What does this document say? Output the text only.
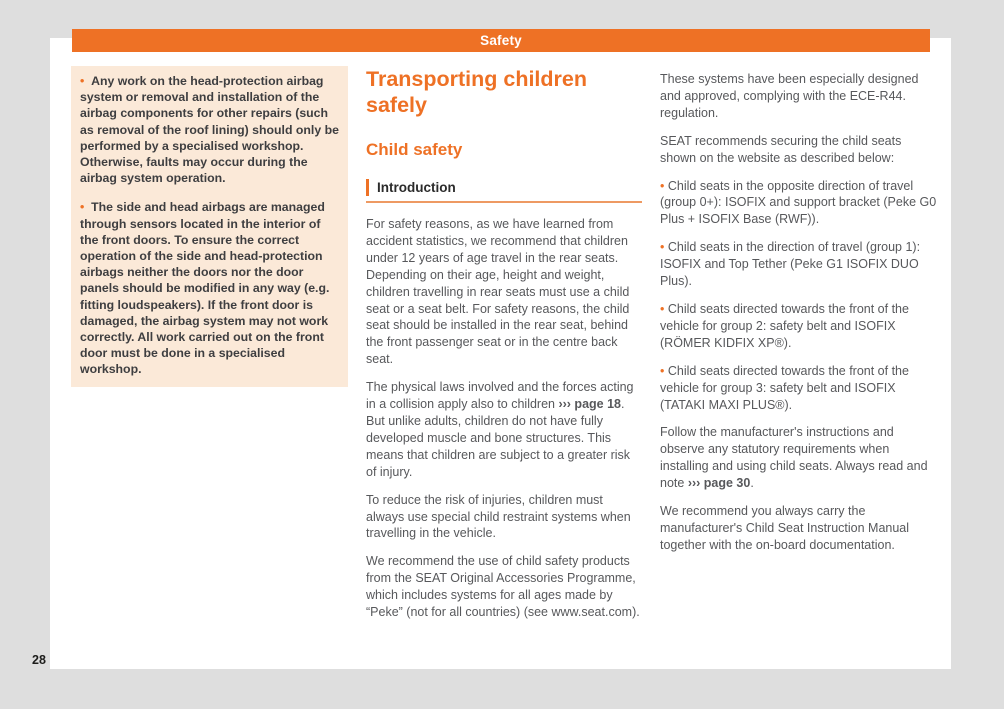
Safety
•  Any work on the head-protection airbag system or removal and installation of the airbag components for other repairs (such as removal of the roof lining) should only be performed by a specialised workshop. Otherwise, faults may occur during the airbag system operation.
•  The side and head airbags are managed through sensors located in the interior of the front doors. To ensure the correct operation of the side and head-protection airbags neither the doors nor the door panels should be modified in any way (e.g. fitting loudspeakers). If the front door is damaged, the airbag system may not work correctly. All work carried out on the front door must be done in a specialised workshop.
Transporting children safely
Child safety
Introduction

For safety reasons, as we have learned from accident statistics, we recommend that children under 12 years of age travel in the rear seats. Depending on their age, height and weight, children travelling in rear seats must use a child seat or a seat belt. For safety reasons, the child seat should be installed in the rear seat, behind the front passenger seat or in the centre back seat.

The physical laws involved and the forces acting in a collision apply also to children ››› page 18. But unlike adults, children do not have fully developed muscle and bone structures. This means that children are subject to a greater risk of injury.

To reduce the risk of injuries, children must always use special child restraint systems when travelling in the vehicle.

We recommend the use of child safety products from the SEAT Original Accessories Programme, which includes systems for all ages made by “Peke” (not for all countries) (see www.seat.com).

These systems have been especially designed and approved, complying with the ECE-R44. regulation.

SEAT recommends securing the child seats shown on the website as described below:

• Child seats in the opposite direction of travel (group 0+): ISOFIX and support bracket (Peke G0 Plus + ISOFIX Base (RWF)).
• Child seats in the direction of travel (group 1): ISOFIX and Top Tether (Peke G1 ISOFIX DUO Plus).
• Child seats directed towards the front of the vehicle for group 2: safety belt and ISOFIX (RÖMER KIDFIX XP®).
• Child seats directed towards the front of the vehicle for group 3: safety belt and ISOFIX (TATAKI MAXI PLUS®).

Follow the manufacturer's instructions and observe any statutory requirements when installing and using child seats. Always read and note ››› page 30.

We recommend you always carry the manufacturer's Child Seat Instruction Manual together with the on-board documentation.

28
